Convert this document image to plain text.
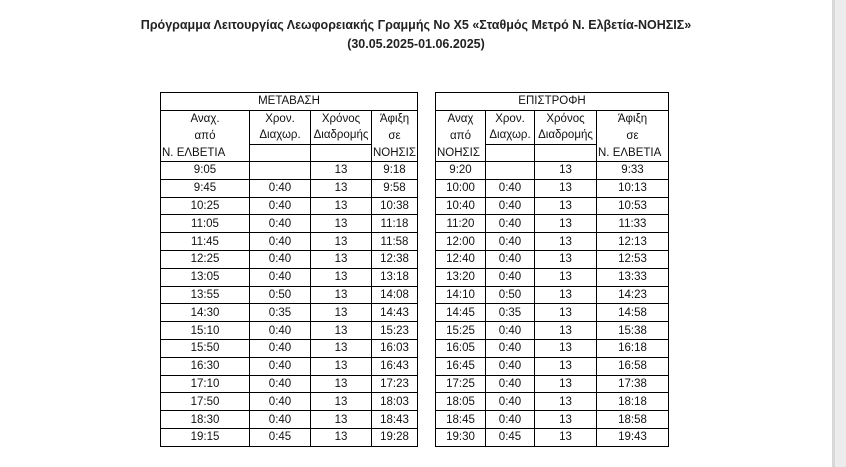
Πρόγραμμα Λειτουργίας Λεωφορειακής Γραμμής Νο Χ5 «Σταθμός Μετρό Ν. Ελβετία-ΝΟΗΣΙΣ»
(30.05.2025-01.06.2025)
ΜΕΤΑΒΑΣΗ					ΕΠΙΣΤΡΟΦΗ			
Αναχ.	Χρον.	Χρόνος	Άφιξη		Αναχ	Χρον.	Χρόνος	Άφιξη
από	Διαχωρ.	Διαδρομής	σε		από	Διαχωρ.	Διαδρομής	σε
Ν. ΕΛΒΕΤΙΑ			ΝΟΗΣΙΣ		ΝΟΗΣΙΣ			Ν. ΕΛΒΕΤΙΑ
9:05		13	9:18		9:20		13	9:33
9:45	0:40	13	9:58		10:00	0:40	13	10:13
10:25	0:40	13	10:38		10:40	0:40	13	10:53
11:05	0:40	13	11:18		11:20	0:40	13	11:33
11:45	0:40	13	11:58		12:00	0:40	13	12:13
12:25	0:40	13	12:38		12:40	0:40	13	12:53
13:05	0:40	13	13:18		13:20	0:40	13	13:33
13:55	0:50	13	14:08		14:10	0:50	13	14:23
14:30	0:35	13	14:43		14:45	0:35	13	14:58
15:10	0:40	13	15:23		15:25	0:40	13	15:38
15:50	0:40	13	16:03		16:05	0:40	13	16:18
16:30	0:40	13	16:43		16:45	0:40	13	16:58
17:10	0:40	13	17:23		17:25	0:40	13	17:38
17:50	0:40	13	18:03		18:05	0:40	13	18:18
18:30	0:40	13	18:43		18:45	0:40	13	18:58
19:15	0:45	13	19:28		19:30	0:45	13	19:43
